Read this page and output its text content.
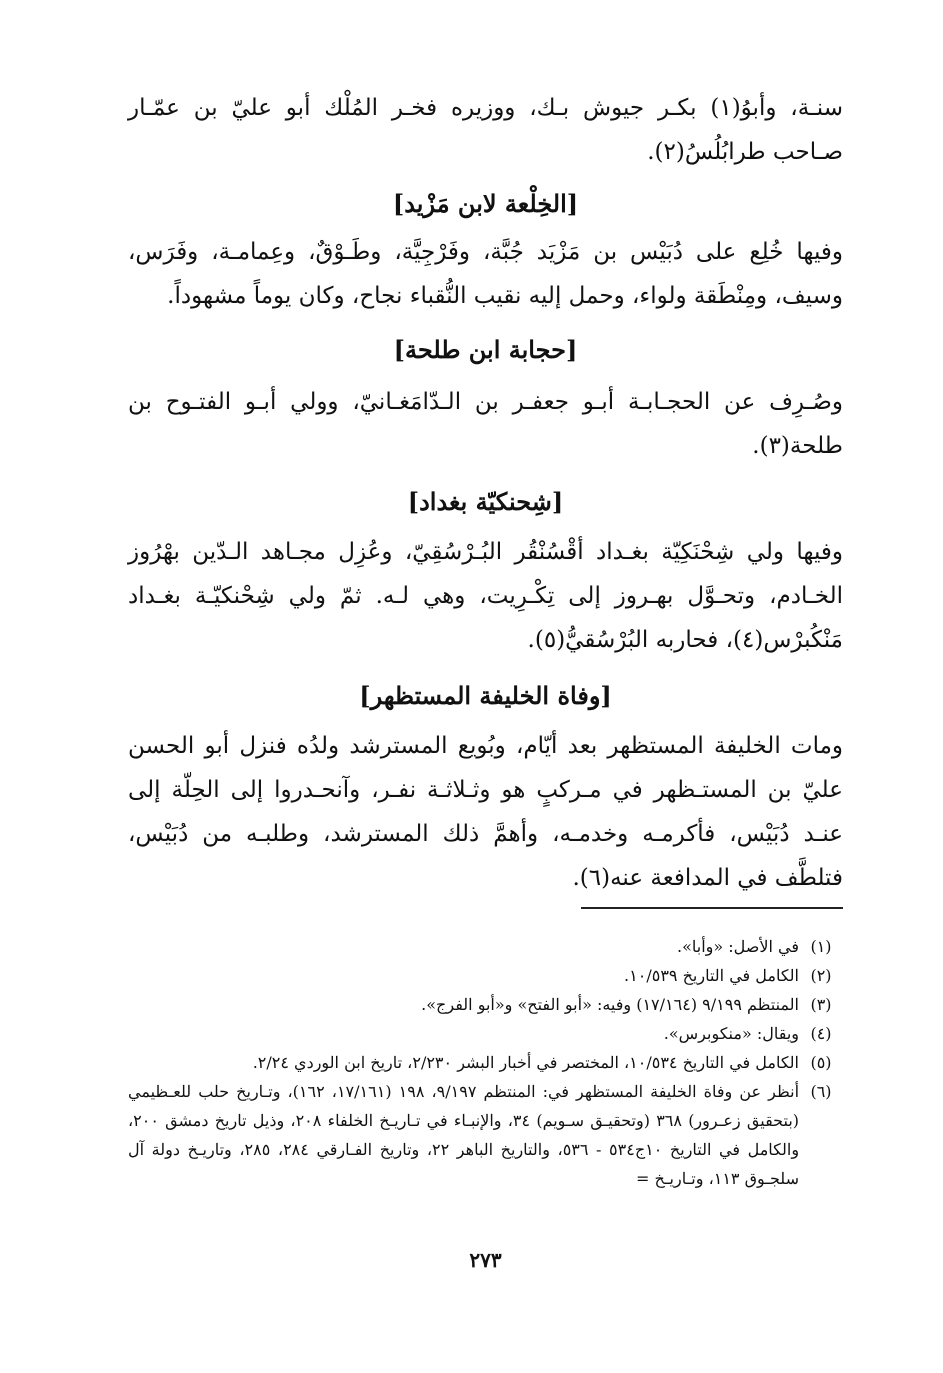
سنـة، وأبوُ(١) بكـر جيوش بـك، ووزيره فخـر المُلْك أبو عليّ بن عمّـار صـاحب طرابُلُسُ(٢).

[الخِلْعة لابن مَزْيد]

وفيها خُلِع على دُبَيْس بن مَزْيَد جُبَّة، وفَرْجِيَّة، وطَـوْقٌ، وعِمامـة، وفَرَس، وسيف، ومِنْطَقة ولواء، وحمل إليه نقيب النُّقباء نجاح، وكان يوماً مشهوداً.

[حجابة ابن طلحة]

وصُـرِف عن الحجـابـة أبـو جعفـر بن الـدّامَغـانيّ، وولي أبـو الفتـوح بن طلحة(٣).

[شِحنكيّة بغداد]

وفيها ولي شِحْنَكِيّة بغـداد أقْسُنْقُر البُـرْسُقِيّ، وعُزِل مجـاهد الـدّين بهْرُوز الخـادم، وتحـوَّل بهـروز إلى تِكْـرِيت، وهي لـه. ثمّ ولي شِحْنكيّـة بغـداد مَنْكُبرْس(٤)، فحاربه البُرْسُقيُّ(٥).

[وفاة الخليفة المستظهر]

ومات الخليفة المستظهر بعد أيّام، وبُويع المسترشد ولدُه فنزل أبو الحسن عليّ بن المستـظهر في مـركبٍ هو وثـلاثـة نفـر، وآنحـدروا إلى الحِلّة إلى عنـد دُبَيْس، فأكرمـه وخدمـه، وأهمَّ ذلك المسترشد، وطلبـه من دُبَيْس، فتلطَّف في المدافعة عنه(٦).

(١)
في الأصل: «وأبا».
(٢)
الكامل في التاريخ ١٠/٥٣٩.
(٣)
المنتظم ٩/١٩٩ (١٧/١٦٤) وفيه: «أبو الفتح» و«أبو الفرج».
(٤)
ويقال: «منكوبرس».
(٥)
الكامل في التاريخ ١٠/٥٣٤، المختصر في أخبار البشر ٢/٢٣٠، تاريخ ابن الوردي ٢/٢٤.
(٦)
أنظر عن وفاة الخليفة المستظهر في: المنتظم ٩/١٩٧، ١٩٨ (١٧/١٦١، ١٦٢)، وتـاريخ حلب للعـظيمي (بتحقيق زعـرور) ٣٦٨ (وتحقيـق سـويم) ٣٤، والإنبـاء في تـاريـخ الخلفاء ٢٠٨، وذيل تاريخ دمشق ٢٠٠، والكامل في التاريخ ١٠ج٥٣٤ - ٥٣٦، والتاريخ الباهر ٢٢، وتاريخ الفـارقي ٢٨٤، ٢٨٥، وتاريـخ دولة آل سلجـوق ١١٣، وتـاريـخ =
٢٧٣
